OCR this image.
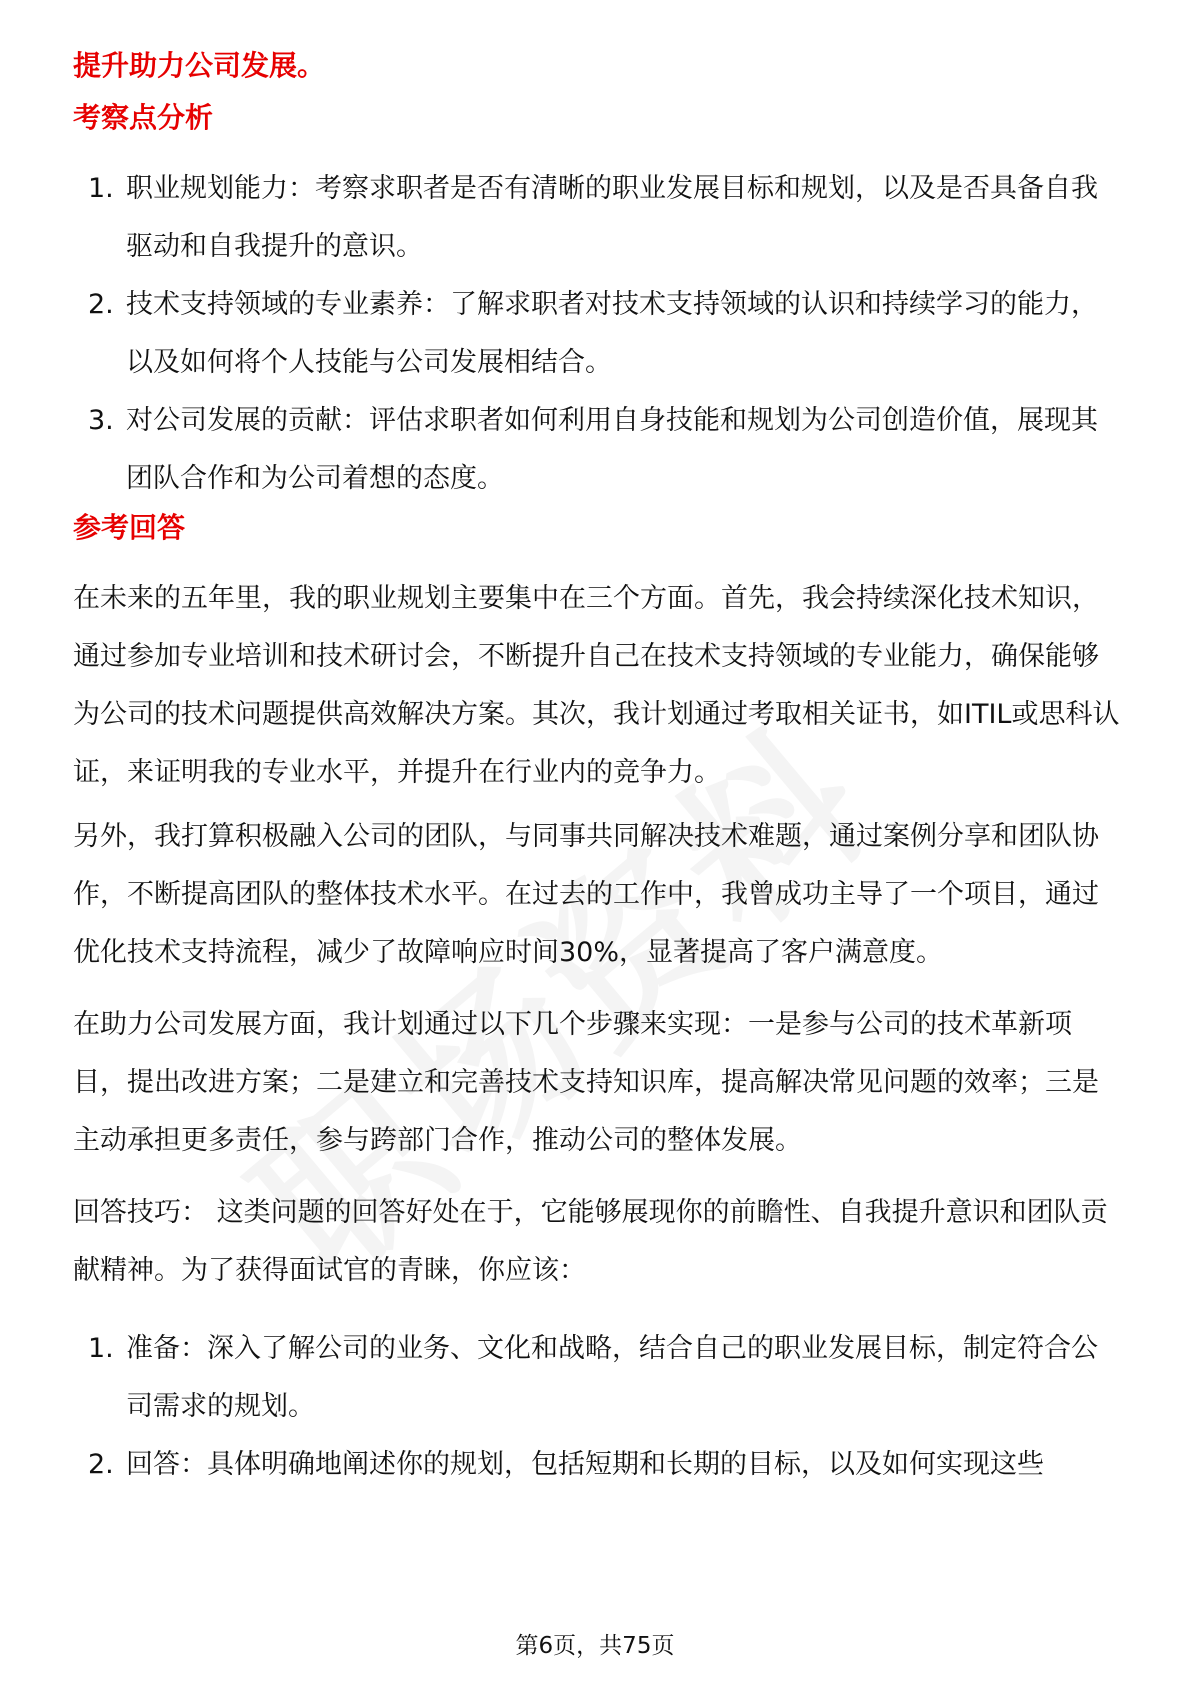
提升助力公司发展。

考察点分析

1. 职业规划能力：考察求职者是否有清晰的职业发展目标和规划，以及是否具备自我驱动和自我提升的意识。
2. 技术支持领域的专业素养：了解求职者对技术支持领域的认识和持续学习的能力，以及如何将个人技能与公司发展相结合。
3. 对公司发展的贡献：评估求职者如何利用自身技能和规划为公司创造价值，展现其团队合作和为公司着想的态度。

参考回答

在未来的五年里，我的职业规划主要集中在三个方面。首先，我会持续深化技术知识，通过参加专业培训和技术研讨会，不断提升自己在技术支持领域的专业能力，确保能够为公司的技术问题提供高效解决方案。其次，我计划通过考取相关证书，如ITIL或思科认证，来证明我的专业水平，并提升在行业内的竞争力。

另外，我打算积极融入公司的团队，与同事共同解决技术难题，通过案例分享和团队协作，不断提高团队的整体技术水平。在过去的工作中，我曾成功主导了一个项目，通过优化技术支持流程，减少了故障响应时间30%，显著提高了客户满意度。

在助力公司发展方面，我计划通过以下几个步骤来实现：一是参与公司的技术革新项目，提出改进方案；二是建立和完善技术支持知识库，提高解决常见问题的效率；三是主动承担更多责任，参与跨部门合作，推动公司的整体发展。

回答技巧： 这类问题的回答好处在于，它能够展现你的前瞻性、自我提升意识和团队贡献精神。为了获得面试官的青睐，你应该：

1. 准备：深入了解公司的业务、文化和战略，结合自己的职业发展目标，制定符合公司需求的规划。
2. 回答：具体明确地阐述你的规划，包括短期和长期的目标，以及如何实现这些
第6页，共75页
